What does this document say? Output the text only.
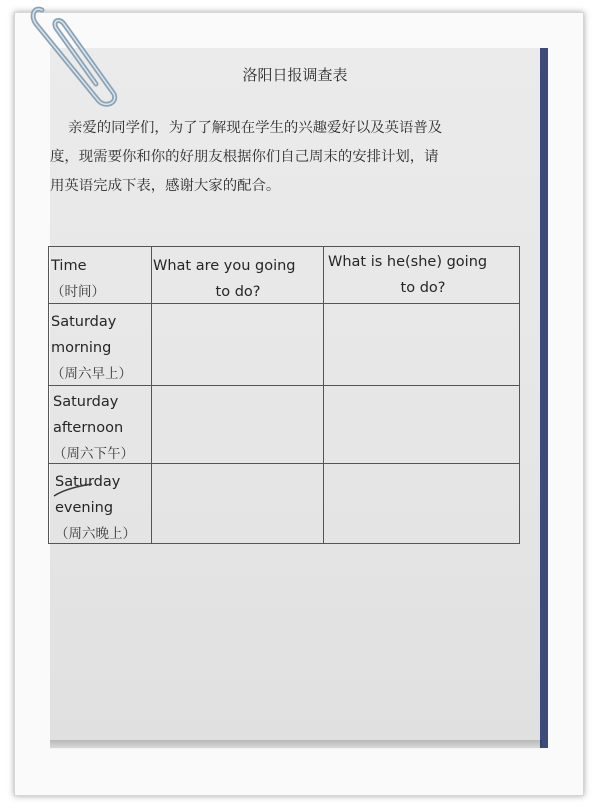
洛阳日报调查表
亲爱的同学们，为了了解现在学生的兴趣爱好以及英语普及
度，现需要你和你的好朋友根据你们自己周末的安排计划，请
用英语完成下表，感谢大家的配合。
Time
（时间）
What are you going
to do?
What is he(she) going
to do?
Saturday
morning
（周六早上）
Saturday
afternoon
（周六下午）
Saturday
evening
（周六晚上）
